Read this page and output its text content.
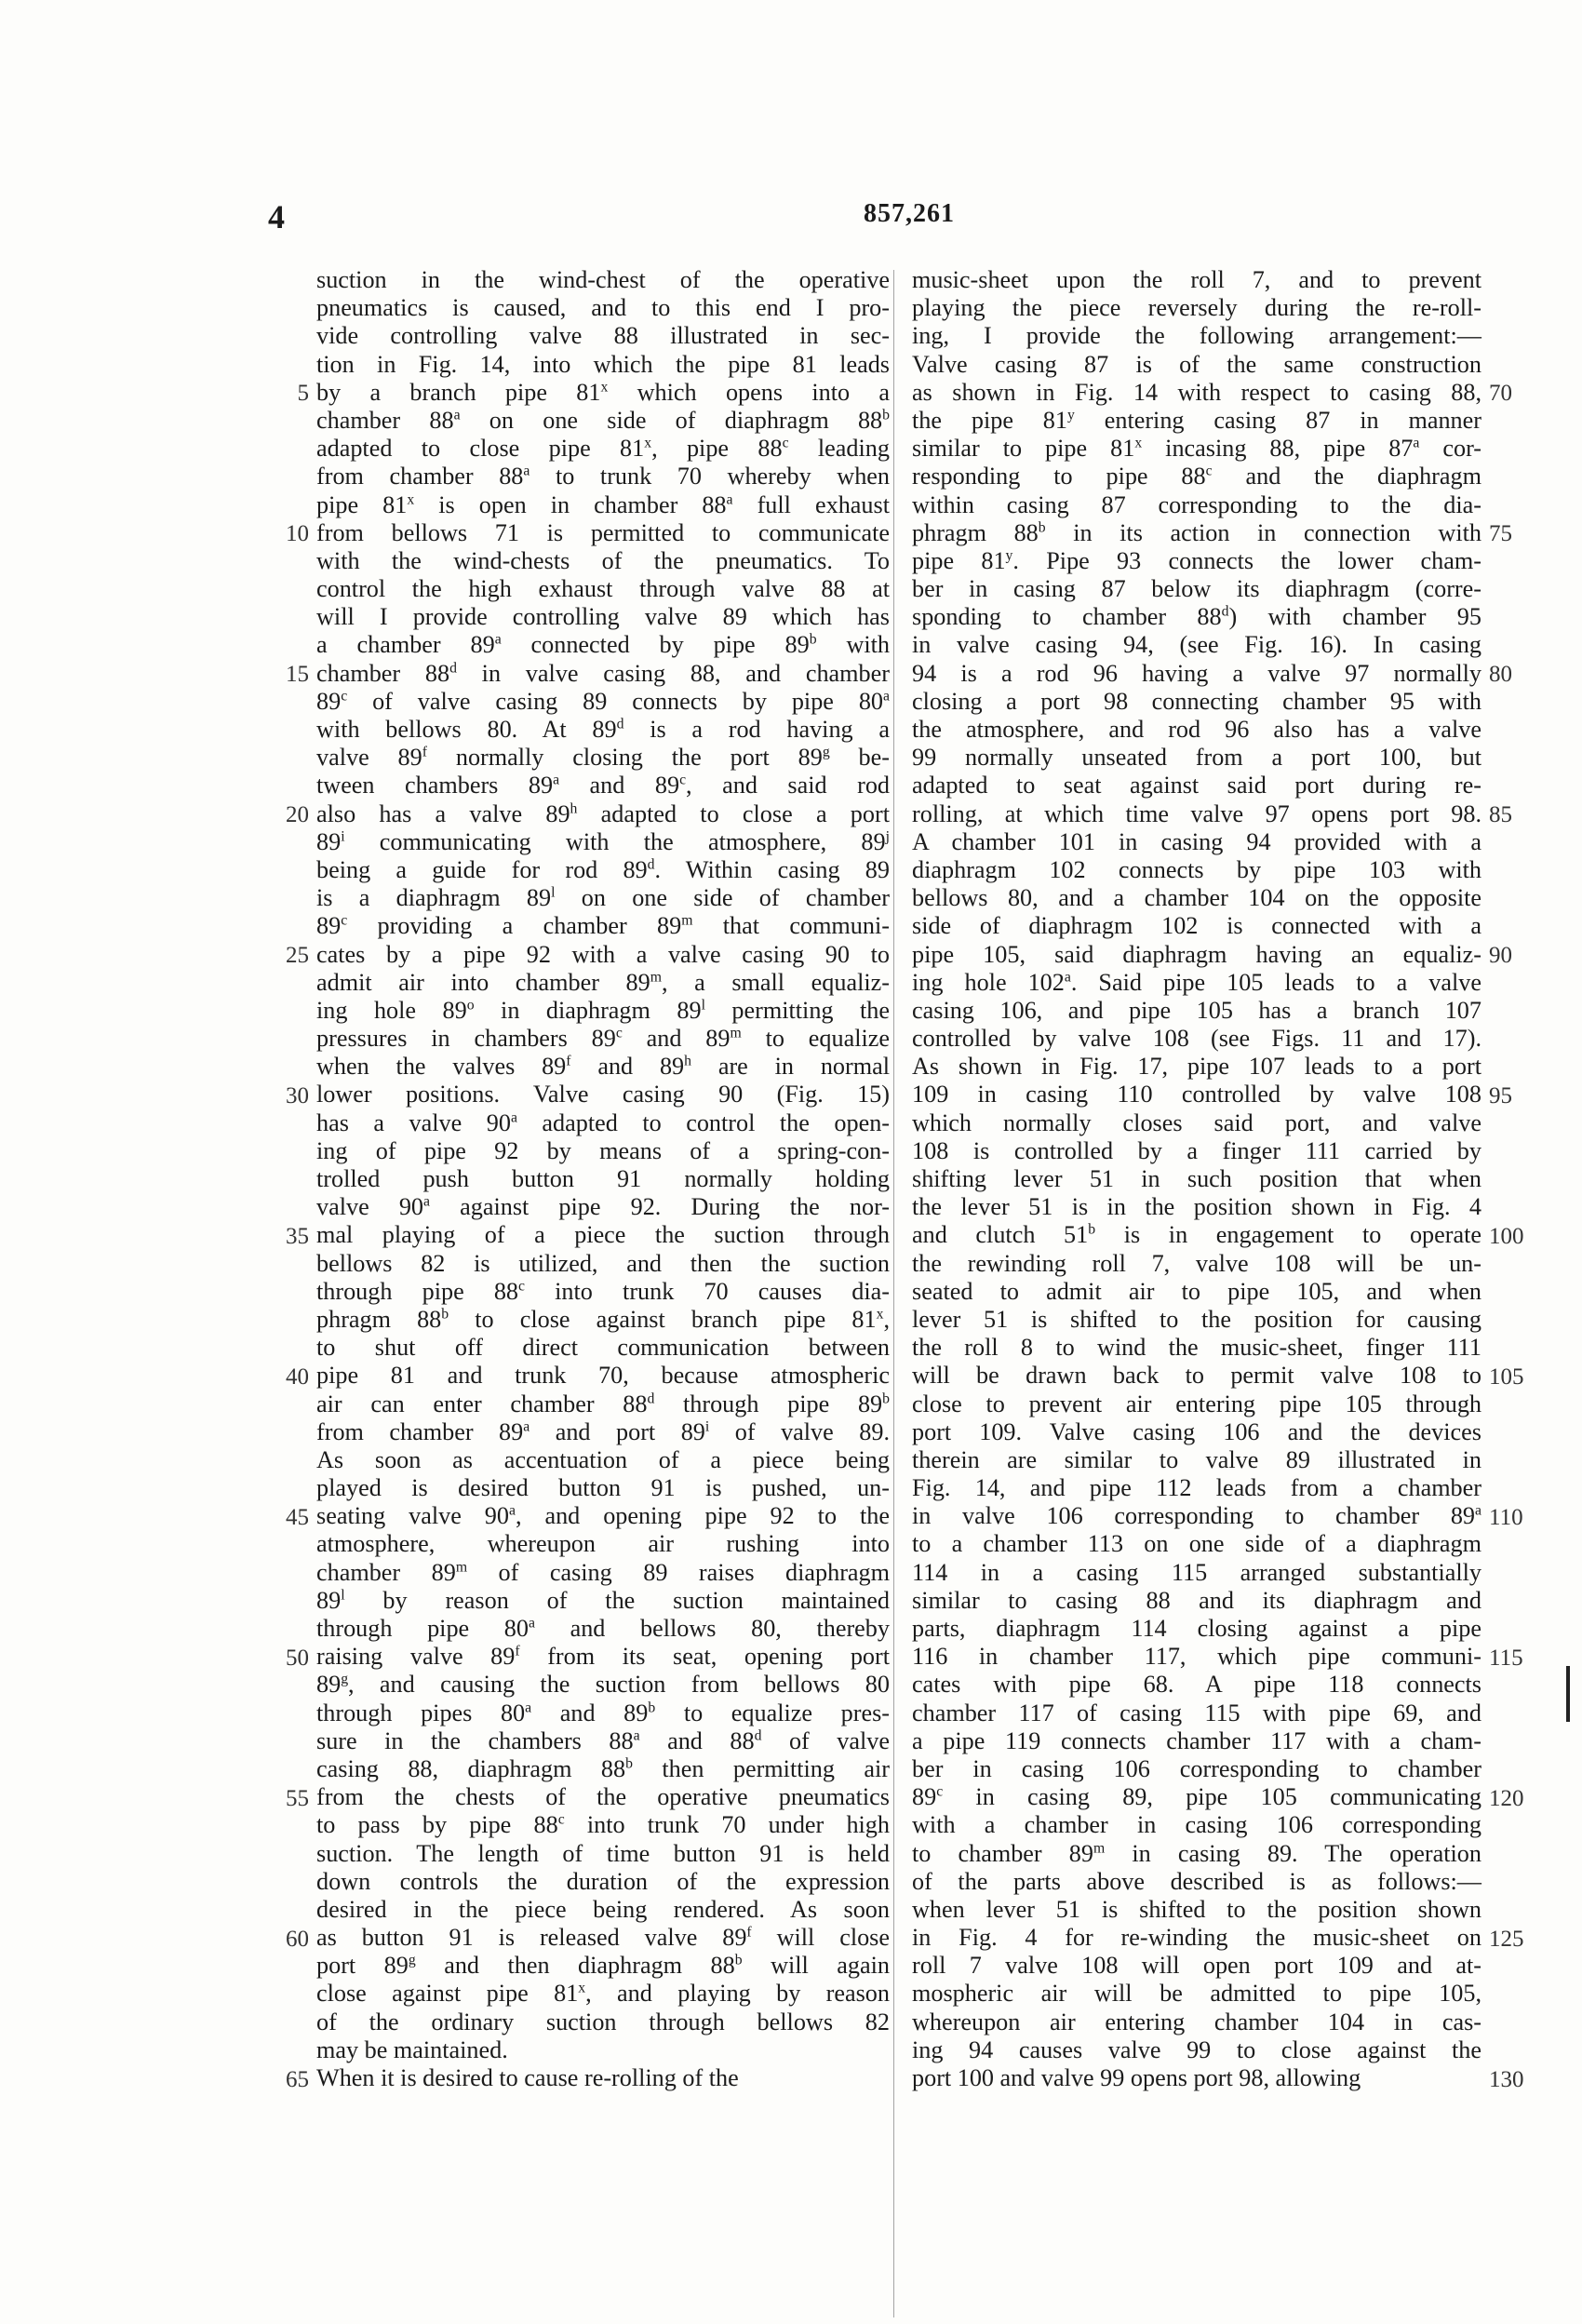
4	857,261
suction in the wind-chest of the operative
pneumatics is caused, and to this end I pro-
vide controlling valve 88 illustrated in sec-
tion in Fig. 14, into which the pipe 81 leads
by a branch pipe 81$^x$ which opens into a
chamber 88$^a$ on one side of diaphragm 88$^b$
adapted to close pipe 81$^x$, pipe 88$^c$ leading
from chamber 88$^a$ to trunk 70 whereby when
pipe 81$^x$ is open in chamber 88$^a$ full exhaust
from bellows 71 is permitted to communicate
with the wind-chests of the pneumatics. To
control the high exhaust through valve 88 at
will I provide controlling valve 89 which has
a chamber 89$^a$ connected by pipe 89$^b$ with
chamber 88$^d$ in valve casing 88, and chamber
89$^c$ of valve casing 89 connects by pipe 80$^a$
with bellows 80. At 89$^d$ is a rod having a
valve 89$^f$ normally closing the port 89$^g$ be-
tween chambers 89$^a$ and 89$^c$, and said rod
also has a valve 89$^h$ adapted to close a port
89$^i$ communicating with the atmosphere, 89$^j$
being a guide for rod 89$^d$. Within casing 89
is a diaphragm 89$^l$ on one side of chamber
89$^c$ providing a chamber 89$^m$ that communi-
cates by a pipe 92 with a valve casing 90 to
admit air into chamber 89$^m$, a small equaliz-
ing hole 89$^o$ in diaphragm 89$^l$ permitting the
pressures in chambers 89$^c$ and 89$^m$ to equalize
when the valves 89$^f$ and 89$^h$ are in normal
lower positions. Valve casing 90 (Fig. 15)
has a valve 90$^a$ adapted to control the open-
ing of pipe 92 by means of a spring-con-
trolled push button 91 normally holding
valve 90$^a$ against pipe 92. During the nor-
mal playing of a piece the suction through
bellows 82 is utilized, and then the suction
through pipe 88$^c$ into trunk 70 causes dia-
phragm 88$^b$ to close against branch pipe 81$^x$,
to shut off direct communication between
pipe 81 and trunk 70, because atmospheric
air can enter chamber 88$^d$ through pipe 89$^b$
from chamber 89$^a$ and port 89$^i$ of valve 89.
As soon as accentuation of a piece being
played is desired button 91 is pushed, un-
seating valve 90$^a$, and opening pipe 92 to the
atmosphere, whereupon air rushing into
chamber 89$^m$ of casing 89 raises diaphragm
89$^l$ by reason of the suction maintained
through pipe 80$^a$ and bellows 80, thereby
raising valve 89$^f$ from its seat, opening port
89$^g$, and causing the suction from bellows 80
through pipes 80$^a$ and 89$^b$ to equalize pres-
sure in the chambers 88$^a$ and 88$^d$ of valve
casing 88, diaphragm 88$^b$ then permitting air
from the chests of the operative pneumatics
to pass by pipe 88$^c$ into trunk 70 under high
suction. The length of time button 91 is held
down controls the duration of the expression
desired in the piece being rendered. As soon
as button 91 is released valve 89$^f$ will close
port 89$^g$ and then diaphragm 88$^b$ will again
close against pipe 81$^x$, and playing by reason
of the ordinary suction through bellows 82
may be maintained.
When it is desired to cause re-rolling of the
music-sheet upon the roll 7, and to prevent
playing the piece reversely during the re-roll-
ing, I provide the following arrangement:—
Valve casing 87 is of the same construction
as shown in Fig. 14 with respect to casing 88,
the pipe 81$^y$ entering casing 87 in manner
similar to pipe 81$^x$ incasing 88, pipe 87$^a$ cor-
responding to pipe 88$^c$ and the diaphragm
within casing 87 corresponding to the dia-
phragm 88$^b$ in its action in connection with
pipe 81$^y$. Pipe 93 connects the lower cham-
ber in casing 87 below its diaphragm (corre-
sponding to chamber 88$^d$) with chamber 95
in valve casing 94, (see Fig. 16). In casing
94 is a rod 96 having a valve 97 normally
closing a port 98 connecting chamber 95 with
the atmosphere, and rod 96 also has a valve
99 normally unseated from a port 100, but
adapted to seat against said port during re-
rolling, at which time valve 97 opens port 98.
A chamber 101 in casing 94 provided with a
diaphragm 102 connects by pipe 103 with
bellows 80, and a chamber 104 on the opposite
side of diaphragm 102 is connected with a
pipe 105, said diaphragm having an equaliz-
ing hole 102$^a$. Said pipe 105 leads to a valve
casing 106, and pipe 105 has a branch 107
controlled by valve 108 (see Figs. 11 and 17).
As shown in Fig. 17, pipe 107 leads to a port
109 in casing 110 controlled by valve 108
which normally closes said port, and valve
108 is controlled by a finger 111 carried by
shifting lever 51 in such position that when
the lever 51 is in the position shown in Fig. 4
and clutch 51$^b$ is in engagement to operate
the rewinding roll 7, valve 108 will be un-
seated to admit air to pipe 105, and when
lever 51 is shifted to the position for causing
the roll 8 to wind the music-sheet, finger 111
will be drawn back to permit valve 108 to
close to prevent air entering pipe 105 through
port 109. Valve casing 106 and the devices
therein are similar to valve 89 illustrated in
Fig. 14, and pipe 112 leads from a chamber
in valve 106 corresponding to chamber 89$^a$
to a chamber 113 on one side of a diaphragm
114 in a casing 115 arranged substantially
similar to casing 88 and its diaphragm and
parts, diaphragm 114 closing against a pipe
116 in chamber 117, which pipe communi-
cates with pipe 68. A pipe 118 connects
chamber 117 of casing 115 with pipe 69, and
a pipe 119 connects chamber 117 with a cham-
ber in casing 106 corresponding to chamber
89$^c$ in casing 89, pipe 105 communicating
with a chamber in casing 106 corresponding
to chamber 89$^m$ in casing 89. The operation
of the parts above described is as follows:—
when lever 51 is shifted to the position shown
in Fig. 4 for re-winding the music-sheet on
roll 7 valve 108 will open port 109 and at-
mospheric air will be admitted to pipe 105,
whereupon air entering chamber 104 in cas-
ing 94 causes valve 99 to close against the
port 100 and valve 99 opens port 98, allowing
5
10
15
20
25
30
35
40
45
50
55
60
65
70
75
80
85
90
95
100
105
110
115
120
125
130
